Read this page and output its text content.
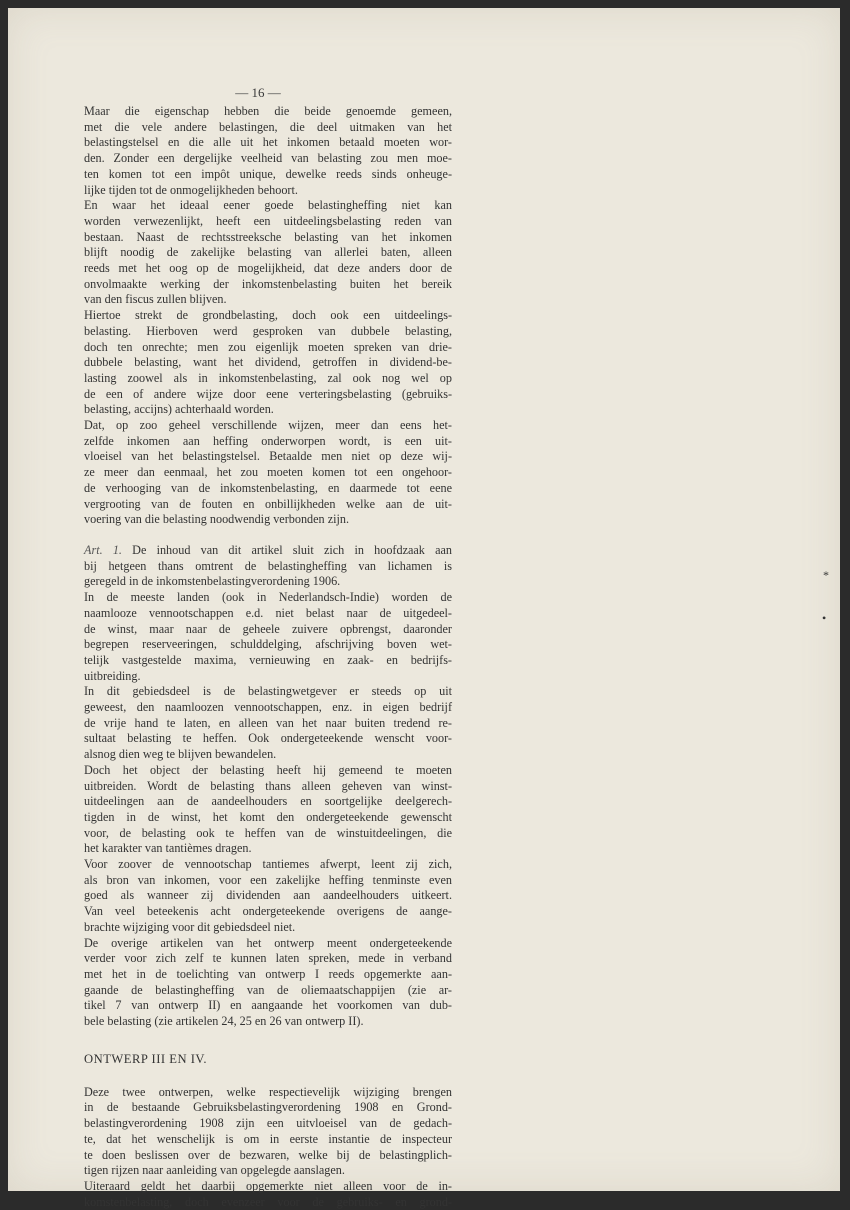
— 16 —
Maar die eigenschap hebben die beide genoemde gemeen,
met die vele andere belastingen, die deel uitmaken van het
belastingstelsel en die alle uit het inkomen betaald moeten wor-
den. Zonder een dergelijke veelheid van belasting zou men moe-
ten komen tot een impôt unique, dewelke reeds sinds onheuge-
lijke tijden tot de onmogelijkheden behoort.
En waar het ideaal eener goede belastingheffing niet kan
worden verwezenlijkt, heeft een uitdeelingsbelasting reden van
bestaan. Naast de rechtsstreeksche belasting van het inkomen
blijft noodig de zakelijke belasting van allerlei baten, alleen
reeds met het oog op de mogelijkheid, dat deze anders door de
onvolmaakte werking der inkomstenbelasting buiten het bereik
van den fiscus zullen blijven.
Hiertoe strekt de grondbelasting, doch ook een uitdeelings-
belasting. Hierboven werd gesproken van dubbele belasting,
doch ten onrechte; men zou eigenlijk moeten spreken van drie-
dubbele belasting, want het dividend, getroffen in dividend-be-
lasting zoowel als in inkomstenbelasting, zal ook nog wel op
de een of andere wijze door eene verteringsbelasting (gebruiks-
belasting, accijns) achterhaald worden.
Dat, op zoo geheel verschillende wijzen, meer dan eens het-
zelfde inkomen aan heffing onderworpen wordt, is een uit-
vloeisel van het belastingstelsel. Betaalde men niet op deze wij-
ze meer dan eenmaal, het zou moeten komen tot een ongehoor-
de verhooging van de inkomstenbelasting, en daarmede tot eene
vergrooting van de fouten en onbillijkheden welke aan de uit-
voering van die belasting noodwendig verbonden zijn.
Art. 1. De inhoud van dit artikel sluit zich in hoofdzaak aan
bij hetgeen thans omtrent de belastingheffing van lichamen is
geregeld in de inkomstenbelastingverordening 1906.
In de meeste landen (ook in Nederlandsch-Indie) worden de
naamlooze vennootschappen e.d. niet belast naar de uitgedeel-
de winst, maar naar de geheele zuivere opbrengst, daaronder
begrepen reserveeringen, schulddelging, afschrijving boven wet-
telijk vastgestelde maxima, vernieuwing en zaak- en bedrijfs-
uitbreiding.
In dit gebiedsdeel is de belastingwetgever er steeds op uit
geweest, den naamloozen vennootschappen, enz. in eigen bedrijf
de vrije hand te laten, en alleen van het naar buiten tredend re-
sultaat belasting te heffen. Ook ondergeteekende wenscht voor-
alsnog dien weg te blijven bewandelen.
Doch het object der belasting heeft hij gemeend te moeten
uitbreiden. Wordt de belasting thans alleen geheven van winst-
uitdeelingen aan de aandeelhouders en soortgelijke deelgerech-
tigden in de winst, het komt den ondergeteekende gewenscht
voor, de belasting ook te heffen van de winstuitdeelingen, die
het karakter van tantièmes dragen.
Voor zoover de vennootschap tantiemes afwerpt, leent zij zich,
als bron van inkomen, voor een zakelijke heffing tenminste even
goed als wanneer zij dividenden aan aandeelhouders uitkeert.
Van veel beteekenis acht ondergeteekende overigens de aange-
brachte wijziging voor dit gebiedsdeel niet.
De overige artikelen van het ontwerp meent ondergeteekende
verder voor zich zelf te kunnen laten spreken, mede in verband
met het in de toelichting van ontwerp I reeds opgemerkte aan-
gaande de belastingheffing van de oliemaatschappijen (zie ar-
tikel 7 van ontwerp II) en aangaande het voorkomen van dub-
bele belasting (zie artikelen 24, 25 en 26 van ontwerp II).
ONTWERP III EN IV.
Deze twee ontwerpen, welke respectievelijk wijziging brengen
in de bestaande Gebruiksbelastingverordening 1908 en Grond-
belastingverordening 1908 zijn een uitvloeisel van de gedach-
te, dat het wenschelijk is om in eerste instantie de inspecteur
te doen beslissen over de bezwaren, welke bij de belastingplich-
tigen rijzen naar aanleiding van opgelegde aanslagen.
Uiteraard geldt het daarbij opgemerkte niet alleen voor de in-
komstenbelasting, doch evenzeer voor de gebruiks- en grond-
*
•
